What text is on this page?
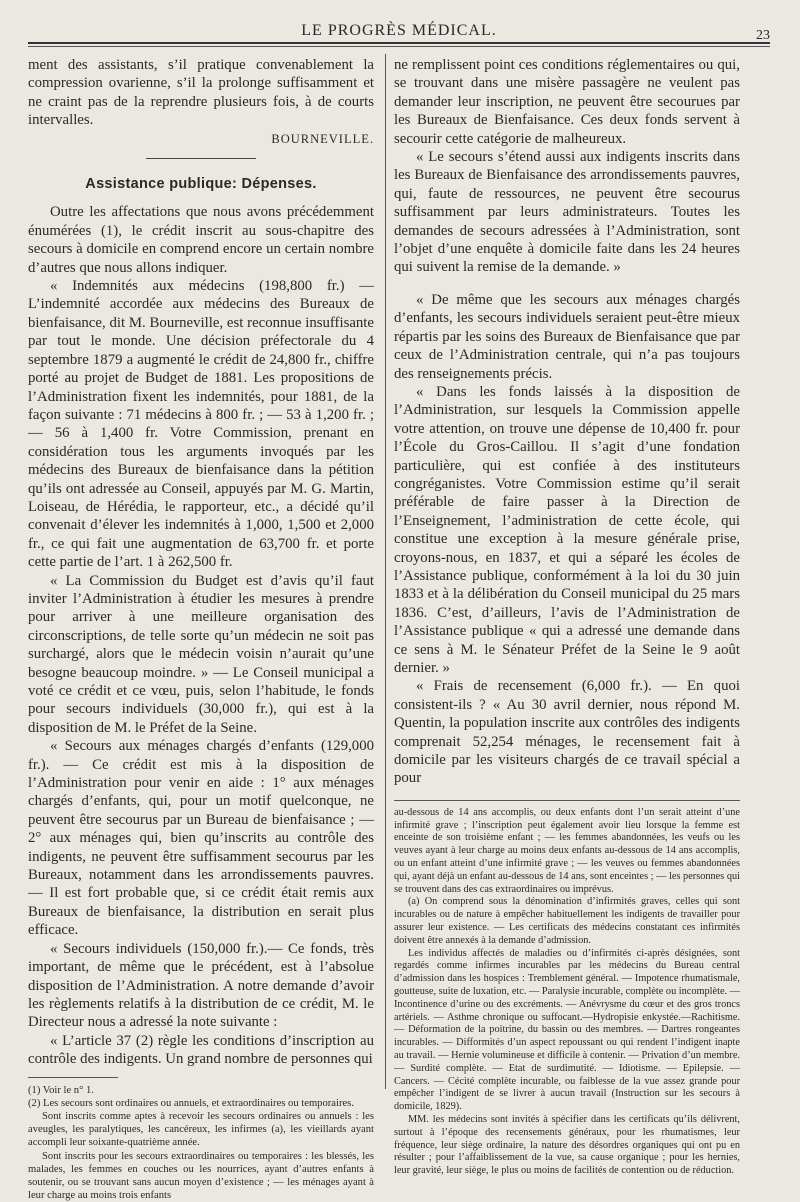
LE PROGRÈS MÉDICAL.	23

ment des assistants, s’il pratique convenablement la compression ovarienne, s’il la prolonge suffisamment et ne craint pas de la reprendre plusieurs fois, à de courts intervalles.

BOURNEVILLE.

Assistance publique: Dépenses.

Outre les affectations que nous avons précédemment énumérées (1), le crédit inscrit au sous-chapitre des secours à domicile en comprend encore un certain nombre d’autres que nous allons indiquer.

« Indemnités aux médecins (198,800 fr.) — L’indemnité accordée aux médecins des Bureaux de bienfaisance, dit M. Bourneville, est reconnue insuffisante par tout le monde. Une décision préfectorale du 4 septembre 1879 a augmenté le crédit de 24,800 fr., chiffre porté au projet de Budget de 1881. Les propositions de l’Administration fixent les indemnités, pour 1881, de la façon suivante : 71 médecins à 800 fr. ; — 53 à 1,200 fr. ; — 56 à 1,400 fr. Votre Commission, prenant en considération tous les arguments invoqués par les médecins des Bureaux de bienfaisance dans la pétition qu’ils ont adressée au Conseil, appuyés par M. G. Martin, Loiseau, de Hérédia, le rapporteur, etc., a décidé qu’il convenait d’élever les indemnités à 1,000, 1,500 et 2,000 fr., ce qui fait une augmentation de 63,700 fr. et porte cette partie de l’art. 1 à 262,500 fr.

« La Commission du Budget est d’avis qu’il faut inviter l’Administration à étudier les mesures à prendre pour arriver à une meilleure organisation des circonscriptions, de telle sorte qu’un médecin ne soit pas surchargé, alors que le médecin voisin n’aurait qu’une besogne beaucoup moindre. » — Le Conseil municipal a voté ce crédit et ce vœu, puis, selon l’habitude, le fonds pour secours individuels (30,000 fr.), qui est à la disposition de M. le Préfet de la Seine.

« Secours aux ménages chargés d’enfants (129,000 fr.). — Ce crédit est mis à la disposition de l’Administration pour venir en aide : 1° aux ménages chargés d’enfants, qui, pour un motif quelconque, ne peuvent être secourus par un Bureau de bienfaisance ; — 2° aux ménages qui, bien qu’inscrits au contrôle des indigents, ne peuvent être suffisamment secourus par les Bureaux, notamment dans les arrondissements pauvres. — Il est fort probable que, si ce crédit était remis aux Bureaux de bienfaisance, la distribution en serait plus efficace.

« Secours individuels (150,000 fr.).— Ce fonds, très important, de même que le précédent, est à l’absolue disposition de l’Administration. A notre demande d’avoir les règlements relatifs à la distribution de ce crédit, M. le Directeur nous a adressé la note suivante :

« L’article 37 (2) règle les conditions d’inscription au contrôle des indigents. Un grand nombre de personnes qui

(1) Voir le n° 1.

(2) Les secours sont ordinaires ou annuels, et extraordinaires ou temporaires.

Sont inscrits comme aptes à recevoir les secours ordinaires ou annuels : les aveugles, les paralytiques, les cancéreux, les infirmes (a), les vieillards ayant accompli leur soixante-quatrième année.

Sont inscrits pour les secours extraordinaires ou temporaires : les blessés, les malades, les femmes en couches ou les nourrices, ayant d’autres enfants à soutenir, ou se trouvant sans aucun moyen d’existence ; — les ménages ayant à leur charge au moins trois enfants

ne remplissent point ces conditions réglementaires ou qui, se trouvant dans une misère passagère ne veulent pas demander leur inscription, ne peuvent être secourues par les Bureaux de Bienfaisance. Ces deux fonds servent à secourir cette catégorie de malheureux.

« Le secours s’étend aussi aux indigents inscrits dans les Bureaux de Bienfaisance des arrondissements pauvres, qui, faute de ressources, ne peuvent être secourus suffisamment par leurs administrateurs. Toutes les demandes de secours adressées à l’Administration, sont l’objet d’une enquête à domicile faite dans les 24 heures qui suivent la remise de la demande. »

« De même que les secours aux ménages chargés d’enfants, les secours individuels seraient peut-être mieux répartis par les soins des Bureaux de Bienfaisance que par ceux de l’Administration centrale, qui n’a pas toujours des renseignements précis.

« Dans les fonds laissés à la disposition de l’Administration, sur lesquels la Commission appelle votre attention, on trouve une dépense de 10,400 fr. pour l’École du Gros-Caillou. Il s’agit d’une fondation particulière, qui est confiée à des instituteurs congréganistes. Votre Commission estime qu’il serait préférable de faire passer à la Direction de l’Enseignement, l’administration de cette école, qui constitue une exception à la mesure générale prise, croyons-nous, en 1837, et qui a séparé les écoles de l’Assistance publique, conformément à la loi du 30 juin 1833 et à la délibération du Conseil municipal du 25 mars 1836. C’est, d’ailleurs, l’avis de l’Administration de l’Assistance publique « qui a adressé une demande dans ce sens à M. le Sénateur Préfet de la Seine le 9 août dernier. »

« Frais de recensement (6,000 fr.). — En quoi consistent-ils ? « Au 30 avril dernier, nous répond M. Quentin, la population inscrite aux contrôles des indigents comprenait 52,254 ménages, le recensement fait à domicile par les visiteurs chargés de ce travail spécial a pour

au-dessous de 14 ans accomplis, ou deux enfants dont l’un serait atteint d’une infirmité grave ; l’inscription peut également avoir lieu lorsque la femme est enceinte de son troisième enfant ; — les femmes abandonnées, les veufs ou les veuves ayant à leur charge au moins deux enfants au-dessous de 14 ans accomplis, ou un enfant atteint d’une infirmité grave ; — les veuves ou femmes abandonnées qui, ayant déjà un enfant au-dessous de 14 ans, sont enceintes ; — les personnes qui se trouvent dans des cas extraordinaires ou imprévus.

(a) On comprend sous la dénomination d’infirmités graves, celles qui sont incurables ou de nature à empêcher habituellement les indigents de travailler pour assurer leur existence. — Les certificats des médecins constatant ces infirmités doivent être annexés à la demande d’admission.

Les individus affectés de maladies ou d’infirmités ci-après désignées, sont regardés comme infirmes incurables par les médecins du Bureau central d’admission dans les hospices : Tremblement général. — Impotence rhumatismale, goutteuse, suite de luxation, etc. — Paralysie incurable, complète ou incomplète. — Incontinence d’urine ou des excréments. — Anévrysme du cœur et des gros troncs artériels. — Asthme chronique ou suffocant.—Hydropisie enkystée.—Rachitisme. — Déformation de la poitrine, du bassin ou des membres. — Dartres rongeantes incurables. — Difformités d’un aspect repoussant ou qui rendent l’indigent inapte au travail. — Hernie volumineuse et difficile à contenir. — Privation d’un membre. — Surdité complète. — Etat de surdimutité. — Idiotisme. — Epilepsie. — Cancers. — Cécité complète incurable, ou faiblesse de la vue assez grande pour empêcher l’indigent de se livrer à aucun travail (Instruction sur les secours à domicile, 1829).

MM. les médecins sont invités à spécifier dans les certificats qu’ils délivrent, surtout à l’époque des recensements généraux, pour les rhumatismes, leur fréquence, leur siège ordinaire, la nature des désordres organiques qui ont pu en résulter ; pour l’affaiblissement de la vue, sa cause organique ; pour les hernies, leur gravité, leur siège, le plus ou moins de facilités de contention ou de réduction.
